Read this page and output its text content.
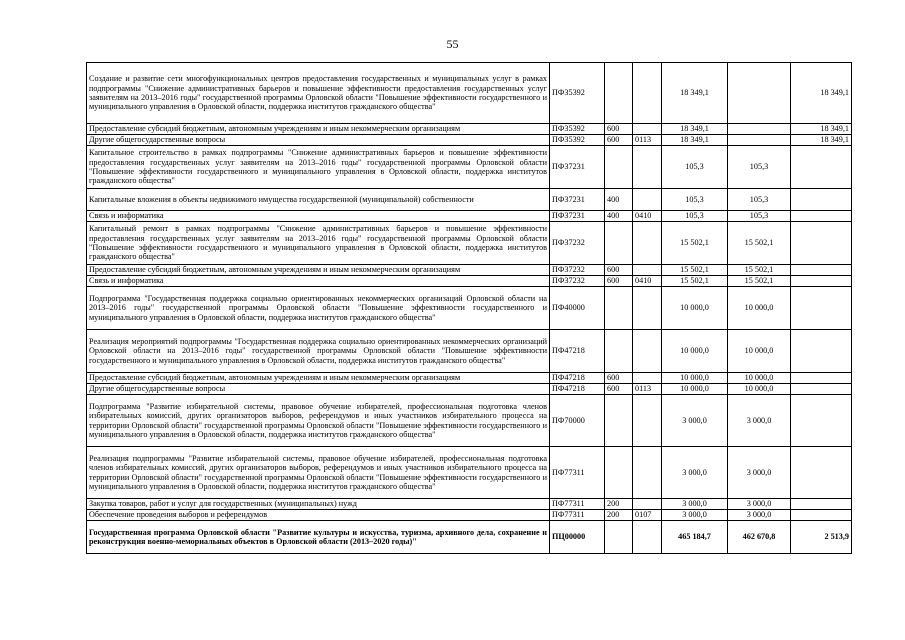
55
Создание и развитие сети многофункциональных центров предоставления государственных и муниципальных услуг в рамках подпрограммы "Снижение административных барьеров и повышение эффективности предоставления государственных услуг заявителям на 2013–2016 годы" государственной программы Орловской области "Повышение эффективности государственного и муниципального управления в Орловской области, поддержка институтов гражданского общества"	ПФ35392			18 349,1		18 349,1
Предоставление субсидий бюджетным, автономным учреждениям и иным некоммерческим организациям	ПФ35392	600		18 349,1		18 349,1
Другие общегосударственные вопросы	ПФ35392	600	0113	18 349,1		18 349,1
Капитальное строительство в рамках подпрограммы "Снижение административных барьеров и повышение эффективности предоставления государственных услуг заявителям на 2013–2016 годы" государственной программы Орловской области "Повышение эффективности государственного и муниципального управления в Орловской области, поддержка институтов гражданского общества"	ПФ37231			105,3	105,3	
Капитальные вложения в объекты недвижимого имущества государственной (муниципальной) собственности	ПФ37231	400		105,3	105,3	
Связь и информатика	ПФ37231	400	0410	105,3	105,3	
Капитальный ремонт в рамках подпрограммы "Снижение административных барьеров и повышение эффективности предоставления государственных услуг заявителям на 2013–2016 годы" государственной программы Орловской области "Повышение эффективности государственного и муниципального управления в Орловской области, поддержка институтов гражданского общества"	ПФ37232			15 502,1	15 502,1	
Предоставление субсидий бюджетным, автономным учреждениям и иным некоммерческим организациям	ПФ37232	600		15 502,1	15 502,1	
Связь и информатика	ПФ37232	600	0410	15 502,1	15 502,1	
Подпрограмма "Государственная поддержка социально ориентированных некоммерческих организаций Орловской области на 2013–2016 годы" государственной программы Орловской области "Повышение эффективности государственного и муниципального управления в Орловской области, поддержка институтов гражданского общества"	ПФ40000			10 000,0	10 000,0	
Реализация мероприятий подпрограммы "Государственная поддержка социально ориентированных некоммерческих организаций Орловской области на 2013–2016 годы" государственной программы Орловской области "Повышение эффективности государственного и муниципального управления в Орловской области, поддержка институтов гражданского общества"	ПФ47218			10 000,0	10 000,0	
Предоставление субсидий бюджетным, автономным учреждениям и иным некоммерческим организациям	ПФ47218	600		10 000,0	10 000,0	
Другие общегосударственные вопросы	ПФ47218	600	0113	10 000,0	10 000,0	
Подпрограмма "Развитие избирательной системы, правовое обучение избирателей, профессиональная подготовка членов избирательных комиссий, других организаторов выборов, референдумов и иных участников избирательного процесса на территории Орловской области" государственной программы Орловской области "Повышение эффективности государственного и муниципального управления в Орловской области, поддержка институтов гражданского общества"	ПФ70000			3 000,0	3 000,0	
Реализация подпрограммы "Развитие избирательной системы, правовое обучение избирателей, профессиональная подготовка членов избирательных комиссий, других организаторов выборов, референдумов и иных участников избирательного процесса на территории Орловской области" государственной программы Орловской области "Повышение эффективности государственного и муниципального управления в Орловской области, поддержка институтов гражданского общества"	ПФ77311			3 000,0	3 000,0	
Закупка товаров, работ и услуг для государственных (муниципальных) нужд	ПФ77311	200		3 000,0	3 000,0	
Обеспечение проведения выборов и референдумов	ПФ77311	200	0107	3 000,0	3 000,0	
Государственная программа Орловской области "Развитие культуры и искусства, туризма, архивного дела, сохранение и реконструкция военно-мемориальных объектов в Орловской области (2013–2020 годы)"	ПЦ00000			465 184,7	462 670,8	2 513,9
